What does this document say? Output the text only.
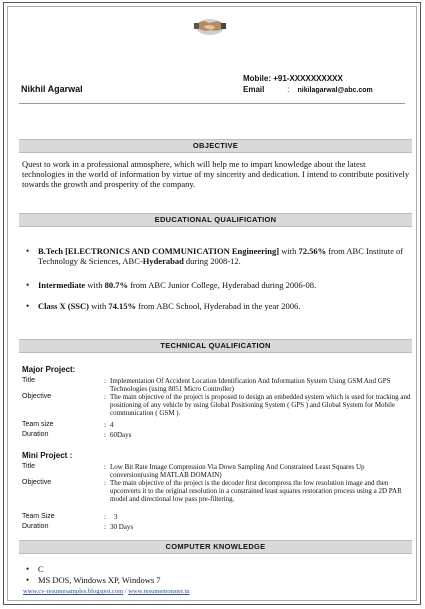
Nikhil Agarwal
Mobile: +91-XXXXXXXXXX
Email	: nikilagarwal@abc.com
OBJECTIVE
Quest to work in a professional atmosphere, which will help me to impart knowledge about the latest technologies in the world of information by virtue of my sincerity and dedication. I intend to contribute positively towards the growth and prosperity of the company.
EDUCATIONAL QUALIFICATION
•	B.Tech [ELECTRONICS AND COMMUNICATION Engineering] with 72.56% from ABC Institute of Technology & Sciences, ABC-Hyderabad during 2008-12.
•	Intermediate with 80.7% from ABC Junior College, Hyderabad during 2006-08.
•	Class X (SSC) with 74.15% from ABC School, Hyderabad in the year 2006.
TECHNICAL QUALIFICATION
Major Project:
Title	: Implementation Of Accident Location Identification And Information System Using GSM And GPS Technologies (using 8051 Micro Controller)
Objective	: The main objective of the project is proposed to design an embedded system which is used for tracking and positioning of any vehicle by using Global Positioning System ( GPS ) and Global System for Mobile communication ( GSM ).
Team size	: 4
Duration	: 60Days
Mini Project :
Title	: Low Bit Rate Image Compression Via Down Sampling And Constrained Least Squares Up conversion(using MATLAB DOMAIN)
Objective	: The main objective of the project is the decoder first decompress the low resolution image and then upconverts it to the original resolution in a constrained least squares restoration process using a 2D PAR model and directional low pass pre-filtering.
Team Size	:	3
Duration	: 30 Days
COMPUTER KNOWLEDGE
•	C
•	MS DOS, Windows XP, Windows 7
www.cv-resumesamples.blogspot.com / www.resumemonster.in
